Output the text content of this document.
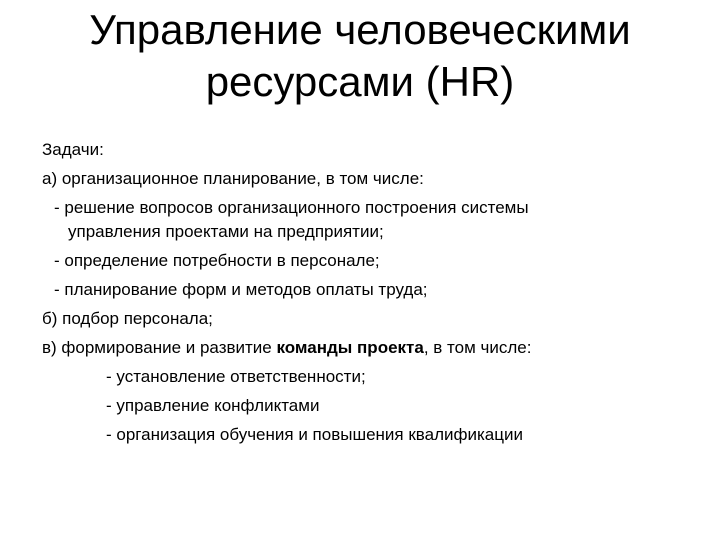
Управление человеческими
ресурсами (HR)
Задачи:
а) организационное планирование, в том числе:
- решение вопросов организационного построения системы
управления проектами на предприятии;
- определение потребности в персонале;
- планирование форм и методов оплаты труда;
б) подбор персонала;
в) формирование и развитие команды проекта, в том числе:
- установление ответственности;
- управление конфликтами
- организация обучения и повышения квалификации
